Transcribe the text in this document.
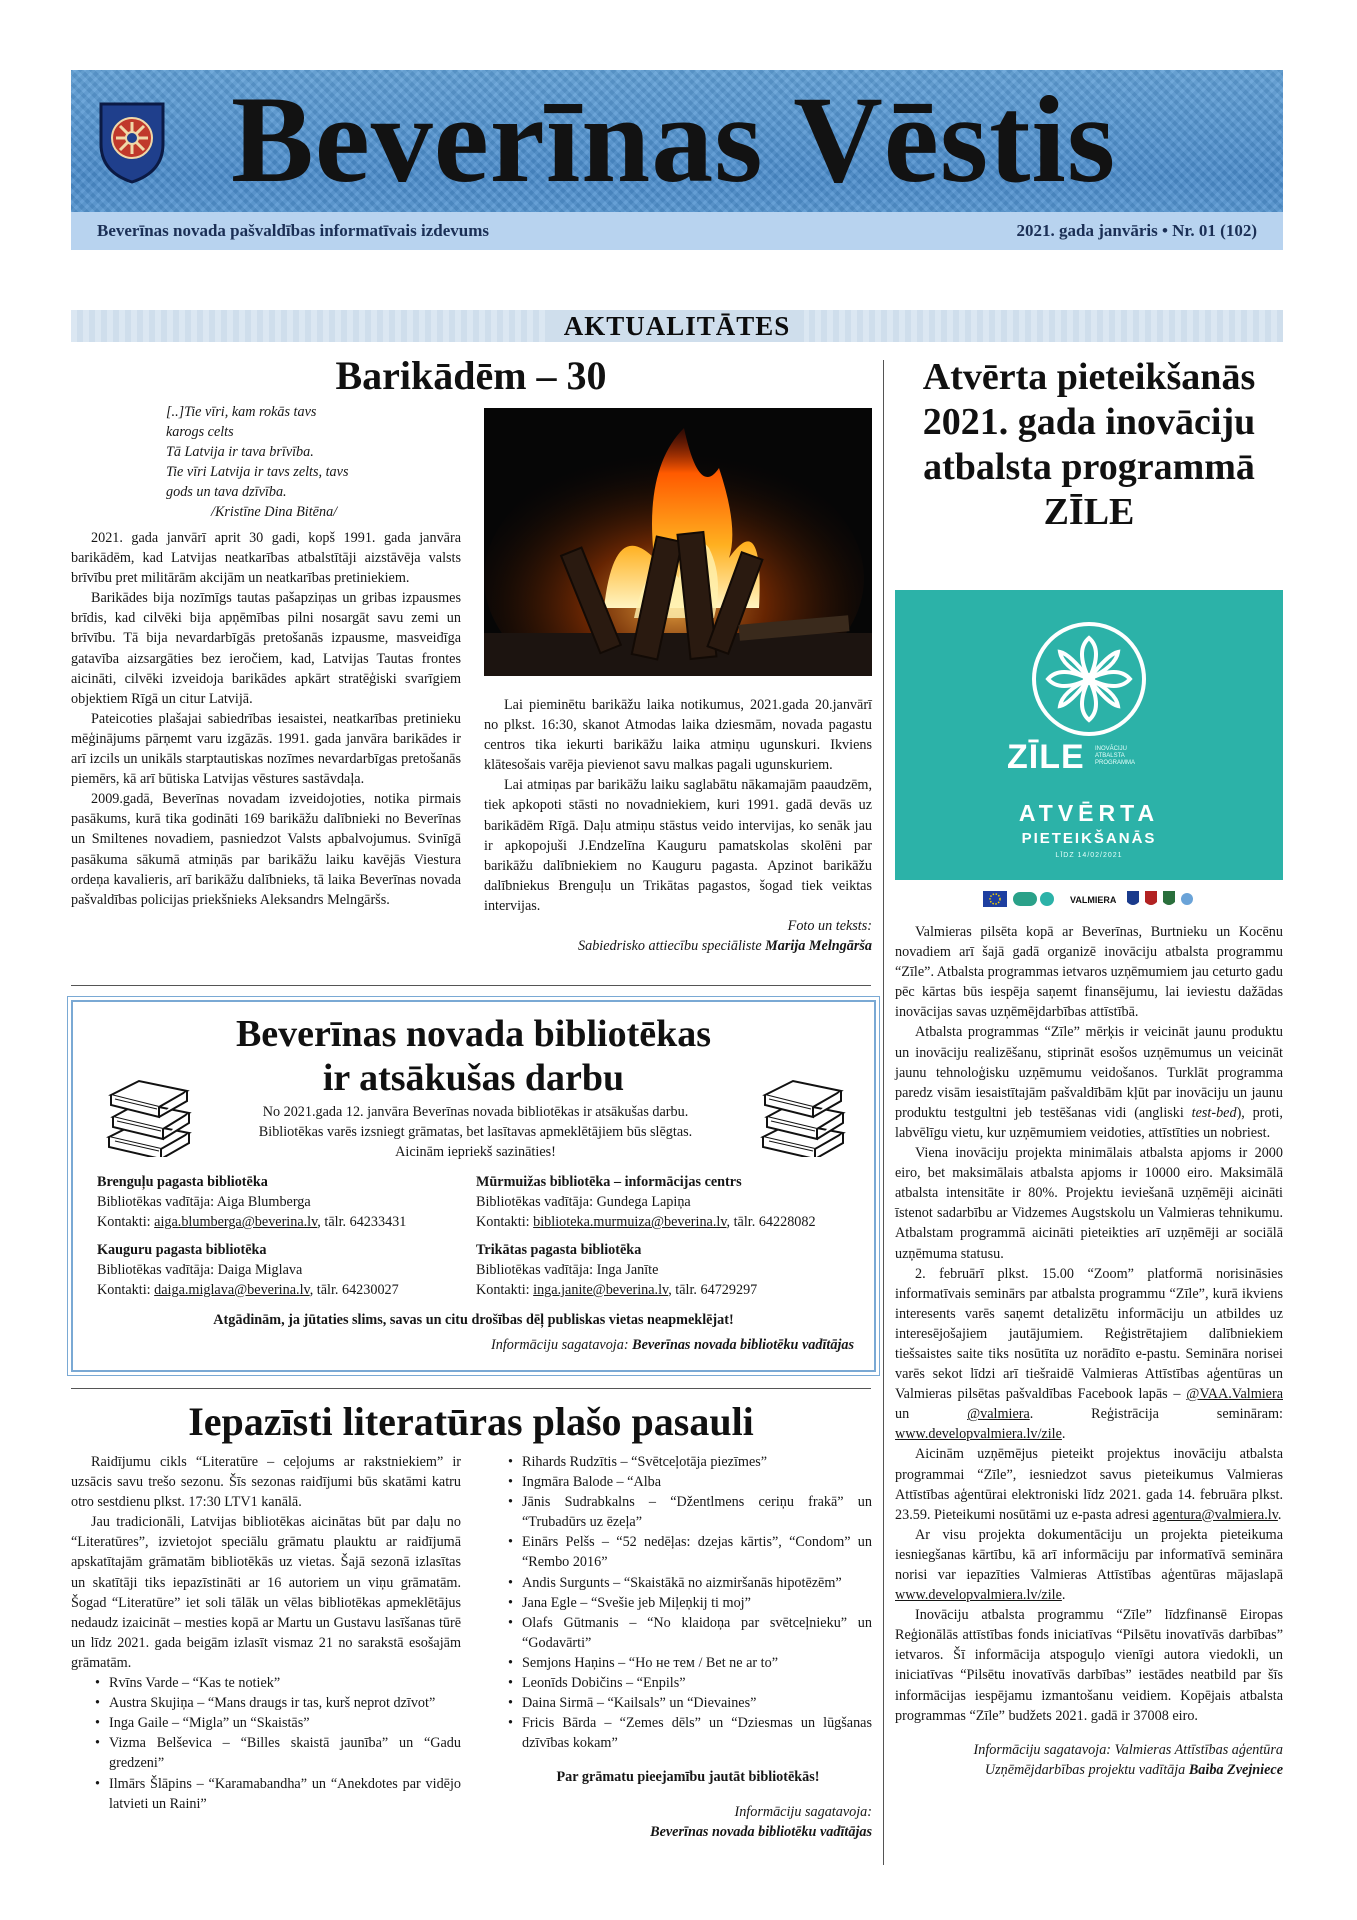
Beverīnas Vēstis
Beverīnas novada pašvaldības informatīvais izdevums	2021. gada janvāris • Nr. 01 (102)
AKTUALITĀTES
Barikādēm – 30
[..]Tie vīri, kam rokās tavs
karogs celts
Tā Latvija ir tava brīvība.
Tie vīri Latvija ir tavs zelts, tavs
gods un tava dzīvība.
/Kristīne Dina Bitēna/

2021. gada janvārī aprit 30 gadi, kopš 1991. gada janvāra barikādēm, kad Latvijas neatkarības atbalstītāji aizstāvēja valsts brīvību pret militārām akcijām un neatkarības pretiniekiem.

Barikādes bija nozīmīgs tautas pašapziņas un gribas izpausmes brīdis, kad cilvēki bija apņēmības pilni nosargāt savu zemi un brīvību. Tā bija nevardarbīgās pretošanās izpausme, masveidīga gatavība aizsargāties bez ieročiem, kad, Latvijas Tautas frontes aicināti, cilvēki izveidoja barikādes apkārt stratēģiski svarīgiem objektiem Rīgā un citur Latvijā.

Pateicoties plašajai sabiedrības iesaistei, neatkarības pretinieku mēģinājums pārņemt varu izgāzās. 1991. gada janvāra barikādes ir arī izcils un unikāls starptautiskas nozīmes nevardarbīgas pretošanās piemērs, kā arī būtiska Latvijas vēstures sastāvdaļa.

2009.gadā, Beverīnas novadam izveidojoties, notika pirmais pasākums, kurā tika godināti 169 barikāžu dalībnieki no Beverīnas un Smiltenes novadiem, pasniedzot Valsts apbalvojumus. Svinīgā pasākuma sākumā atmiņās par barikāžu laiku kavējās Viestura ordeņa kavalieris, arī barikāžu dalībnieks, tā laika Beverīnas novada pašvaldības policijas priekšnieks Aleksandrs Melngāršs.

Lai pieminētu barikāžu laika notikumus, 2021.gada 20.janvārī no plkst. 16:30, skanot Atmodas laika dziesmām, novada pagastu centros tika iekurti barikāžu laika atmiņu ugunskuri. Ikviens klātesošais varēja pievienot savu malkas pagali ugunskuriem.

Lai atmiņas par barikāžu laiku saglabātu nākamajām paaudzēm, tiek apkopoti stāsti no novadniekiem, kuri 1991. gadā devās uz barikādēm Rīgā. Daļu atmiņu stāstus veido intervijas, ko senāk jau ir apkopojuši J.Endzelīna Kauguru pamatskolas skolēni par barikāžu dalībniekiem no Kauguru pagasta. Apzinot barikāžu dalībniekus Brenguļu un Trikātas pagastos, šogad tiek veiktas intervijas.

Foto un teksts:

Sabiedrisko attiecību speciāliste Marija Melngārša

Beverīnas novada bibliotēkas
ir atsākušas darbu
No 2021.gada 12. janvāra Beverīnas novada bibliotēkas ir atsākušas darbu.
Bibliotēkas varēs izsniegt grāmatas, bet lasītavas apmeklētājiem būs slēgtas.
Aicinām iepriekš sazināties!
Brenguļu pagasta bibliotēka
Bibliotēkas vadītāja: Aiga Blumberga
Kontakti: aiga.blumberga@beverina.lv, tālr. 64233431
Mūrmuižas bibliotēka – informācijas centrs
Bibliotēkas vadītāja: Gundega Lapiņa
Kontakti: biblioteka.murmuiza@beverina.lv, tālr. 64228082
Kauguru pagasta bibliotēka
Bibliotēkas vadītāja: Daiga Miglava
Kontakti: daiga.miglava@beverina.lv, tālr. 64230027
Trikātas pagasta bibliotēka
Bibliotēkas vadītāja: Inga Janīte
Kontakti: inga.janite@beverina.lv, tālr. 64729297
Atgādinām, ja jūtaties slims, savas un citu drošības dēļ publiskas vietas neapmeklējat!
Informāciju sagatavoja: Beverīnas novada bibliotēku vadītājas
Iepazīsti literatūras plašo pasauli

Raidījumu cikls “Literatūre – ceļojums ar rakstniekiem” ir uzsācis savu trešo sezonu. Šīs sezonas raidījumi būs skatāmi katru otro sestdienu plkst. 17:30 LTV1 kanālā.

Jau tradicionāli, Latvijas bibliotēkas aicinātas būt par daļu no “Literatūres”, izvietojot speciālu grāmatu plauktu ar raidījumā apskatītajām grāmatām bibliotēkās uz vietas. Šajā sezonā izlasītas un skatītāji tiks iepazīstināti ar 16 autoriem un viņu grāmatām. Šogad “Literatūre” iet soli tālāk un vēlas bibliotēkas apmeklētājus nedaudz izaicināt – mesties kopā ar Martu un Gustavu lasīšanas tūrē un līdz 2021. gada beigām izlasīt vismaz 21 no sarakstā esošajām grāmatām.

• Rvīns Varde – “Kas te notiek”
• Austra Skujiņa – “Mans draugs ir tas, kurš neprot dzīvot”
• Inga Gaile – “Migla” un “Skaistās”
• Vizma Belševica – “Billes skaistā jaunība” un “Gadu gredzeni”
• Ilmārs Šlāpins – “Karamabandha” un “Anekdotes par vidējo latvieti un Raini”
• Rihards Rudzītis – “Svētceļotāja piezīmes”
• Ingmāra Balode – “Alba
• Jānis Sudrabkalns – “Džentlmens ceriņu frakā” un “Trubadūrs uz ēzeļa”
• Einārs Pelšs – “52 nedēļas: dzejas kārtis”, “Condom” un “Rembo 2016”
• Andis Surgunts – “Skaistākā no aizmiršanās hipotēzēm”
• Jana Egle – “Svešie jeb Miļeņkij ti moj”
• Olafs Gūtmanis – “No klaidoņa par svētceļnieku” un “Godavārti”
• Semjons Haņins – “Но не тем / Bet ne ar to”
• Leonīds Dobičins – “Enpils”
• Daina Sirmā – “Kailsals” un “Dievaines”
• Fricis Bārda – “Zemes dēls” un “Dziesmas un lūgšanas dzīvības kokam”

Par grāmatu pieejamību jautāt bibliotēkās!

Informāciju sagatavoja:
Beverīnas novada bibliotēku vadītājas
Atvērta pieteikšanās 2021. gada inovāciju atbalsta programmā ZĪLE
ZĪLE INOVĀCIJU ATBALSTA PROGRAMMA
ATVĒRTA
PIETEIKŠANĀS
LĪDZ 14/02/2021
VALMIERA

Valmieras pilsēta kopā ar Beverīnas, Burtnieku un Kocēnu novadiem arī šajā gadā organizē inovāciju atbalsta programmu “Zīle”. Atbalsta programmas ietvaros uzņēmumiem jau ceturto gadu pēc kārtas būs iespēja saņemt finansējumu, lai ieviestu dažādas inovācijas savas uzņēmējdarbības attīstībā.

Atbalsta programmas “Zīle” mērķis ir veicināt jaunu produktu un inovāciju realizēšanu, stiprināt esošos uzņēmumus un veicināt jaunu tehnoloģisku uzņēmumu veidošanos. Turklāt programma paredz visām iesaistītajām pašvaldībām kļūt par inovāciju un jaunu produktu testgultni jeb testēšanas vidi (angliski test-bed), proti, labvēlīgu vietu, kur uzņēmumiem veidoties, attīstīties un nobriest.

Viena inovāciju projekta minimālais atbalsta apjoms ir 2000 eiro, bet maksimālais atbalsta apjoms ir 10000 eiro. Maksimālā atbalsta intensitāte ir 80%. Projektu ieviešanā uzņēmēji aicināti īstenot sadarbību ar Vidzemes Augstskolu un Valmieras tehnikumu. Atbalstam programmā aicināti pieteikties arī uzņēmēji ar sociālā uzņēmuma statusu.

2. februārī plkst. 15.00 “Zoom” platformā norisināsies informatīvais seminārs par atbalsta programmu “Zīle”, kurā ikviens interesents varēs saņemt detalizētu informāciju un atbildes uz interesējošajiem jautājumiem. Reģistrētajiem dalībniekiem tiešsaistes saite tiks nosūtīta uz norādīto e-pastu. Semināra norisei varēs sekot līdzi arī tiešraidē Valmieras Attīstības aģentūras un Valmieras pilsētas pašvaldības Facebook lapās – @VAA.Valmiera un @valmiera. Reģistrācija semināram: www.developvalmiera.lv/zile.

Aicinām uzņēmējus pieteikt projektus inovāciju atbalsta programmai “Zīle”, iesniedzot savus pieteikumus Valmieras Attīstības aģentūrai elektroniski līdz 2021. gada 14. februāra plkst. 23.59. Pieteikumi nosūtāmi uz e-pasta adresi agentura@valmiera.lv.

Ar visu projekta dokumentāciju un projekta pieteikuma iesniegšanas kārtību, kā arī informāciju par informatīvā semināra norisi var iepazīties Valmieras Attīstības aģentūras mājaslapā www.developvalmiera.lv/zile.

Inovāciju atbalsta programmu “Zīle” līdzfinansē Eiropas Reģionālās attīstības fonds iniciatīvas “Pilsētu inovatīvās darbības” ietvaros. Šī informācija atspoguļo vienīgi autora viedokli, un iniciatīvas “Pilsētu inovatīvās darbības” iestādes neatbild par šīs informācijas iespējamu izmantošanu veidiem. Kopējais atbalsta programmas “Zīle” budžets 2021. gadā ir 37008 eiro.

Informāciju sagatavoja: Valmieras Attīstības aģentūra
Uzņēmējdarbības projektu vadītāja Baiba Zvejniece
